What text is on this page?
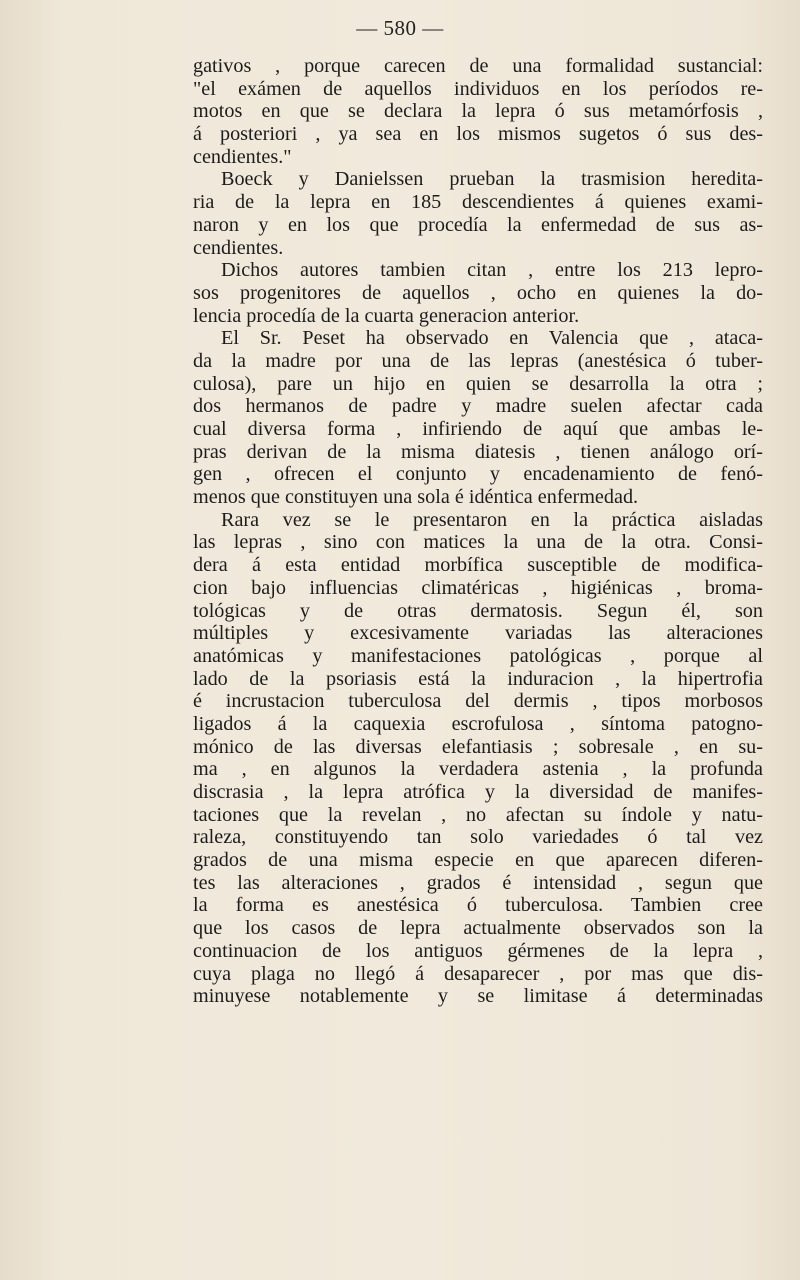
— 580 —
gativos , porque carecen de una formalidad sustancial:
"el exámen de aquellos individuos en los períodos re-
motos en que se declara la lepra ó sus metamórfosis ,
á posteriori , ya sea en los mismos sugetos ó sus des-
cendientes."
Boeck y Danielssen prueban la trasmision heredita-
ria de la lepra en 185 descendientes á quienes exami-
naron y en los que procedía la enfermedad de sus as-
cendientes.
Dichos autores tambien citan , entre los 213 lepro-
sos progenitores de aquellos , ocho en quienes la do-
lencia procedía de la cuarta generacion anterior.
El Sr. Peset ha observado en Valencia que , ataca-
da la madre por una de las lepras (anestésica ó tuber-
culosa), pare un hijo en quien se desarrolla la otra ;
dos hermanos de padre y madre suelen afectar cada
cual diversa forma , infiriendo de aquí que ambas le-
pras derivan de la misma diatesis , tienen análogo orí-
gen , ofrecen el conjunto y encadenamiento de fenó-
menos que constituyen una sola é idéntica enfermedad.
Rara vez se le presentaron en la práctica aisladas
las lepras , sino con matices la una de la otra. Consi-
dera á esta entidad morbífica susceptible de modifica-
cion bajo influencias climatéricas , higiénicas , broma-
tológicas y de otras dermatosis. Segun él, son
múltiples y excesivamente variadas las alteraciones
anatómicas y manifestaciones patológicas , porque al
lado de la psoriasis está la induracion , la hipertrofia
é incrustacion tuberculosa del dermis , tipos morbosos
ligados á la caquexia escrofulosa , síntoma patogno-
mónico de las diversas elefantiasis ; sobresale , en su-
ma , en algunos la verdadera astenia , la profunda
discrasia , la lepra atrófica y la diversidad de manifes-
taciones que la revelan , no afectan su índole y natu-
raleza, constituyendo tan solo variedades ó tal vez
grados de una misma especie en que aparecen diferen-
tes las alteraciones , grados é intensidad , segun que
la forma es anestésica ó tuberculosa. Tambien cree
que los casos de lepra actualmente observados son la
continuacion de los antiguos gérmenes de la lepra ,
cuya plaga no llegó á desaparecer , por mas que dis-
minuyese notablemente y se limitase á determinadas
